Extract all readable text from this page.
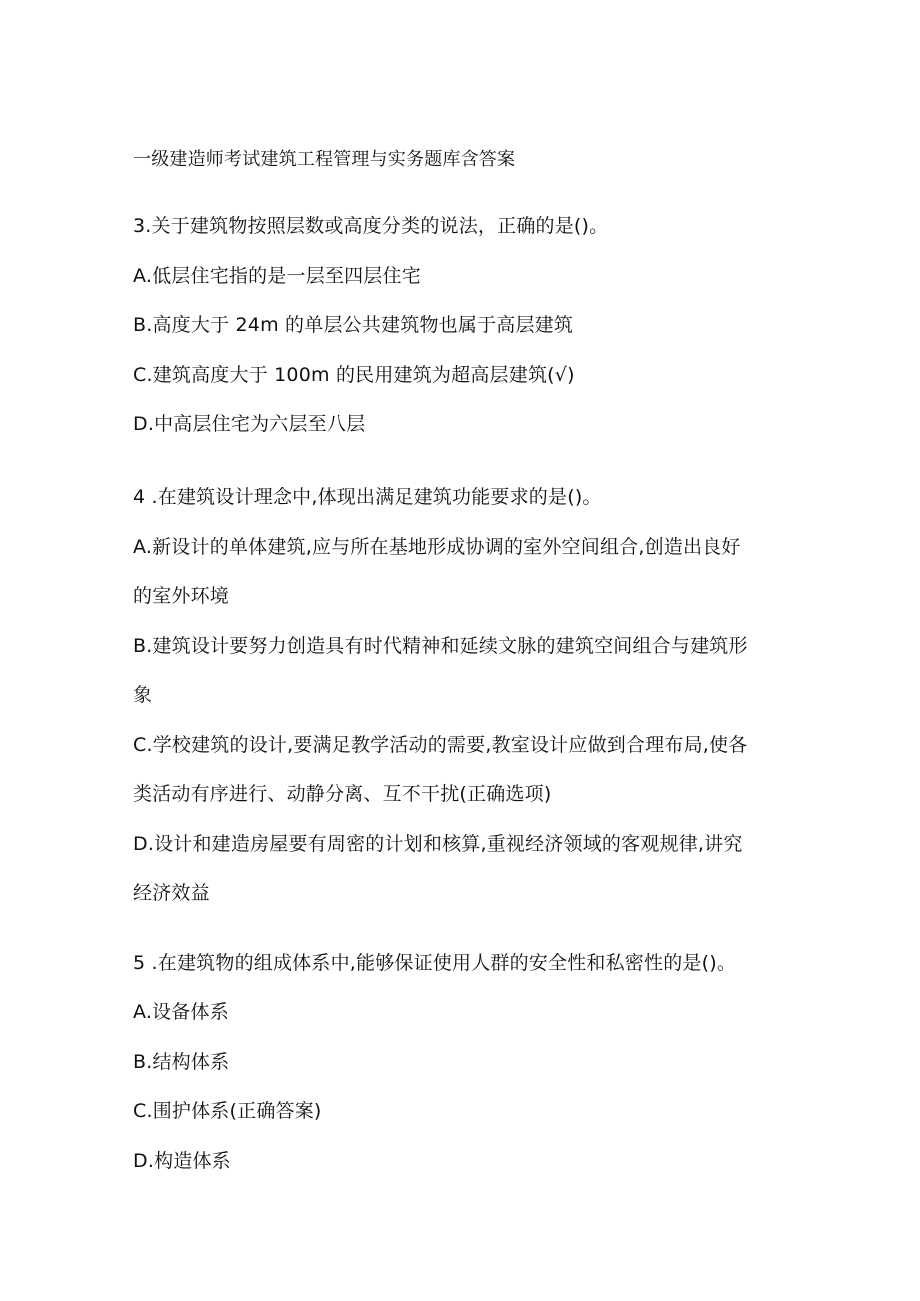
一级建造师考试建筑工程管理与实务题库含答案
3.关于建筑物按照层数或高度分类的说法，正确的是()。
A.低层住宅指的是一层至四层住宅
B.高度大于 24m 的单层公共建筑物也属于高层建筑
C.建筑高度大于 100m 的民用建筑为超高层建筑(√)
D.中高层住宅为六层至八层
4 .在建筑设计理念中,体现出满足建筑功能要求的是()。
A.新设计的单体建筑,应与所在基地形成协调的室外空间组合,创造出良好
的室外环境
B.建筑设计要努力创造具有时代精神和延续文脉的建筑空间组合与建筑形
象
C.学校建筑的设计,要满足教学活动的需要,教室设计应做到合理布局,使各
类活动有序进行、动静分离、互不干扰(正确选项)
D.设计和建造房屋要有周密的计划和核算,重视经济领域的客观规律,讲究
经济效益
5 .在建筑物的组成体系中,能够保证使用人群的安全性和私密性的是()。
A.设备体系
B.结构体系
C.围护体系(正确答案)
D.构造体系
